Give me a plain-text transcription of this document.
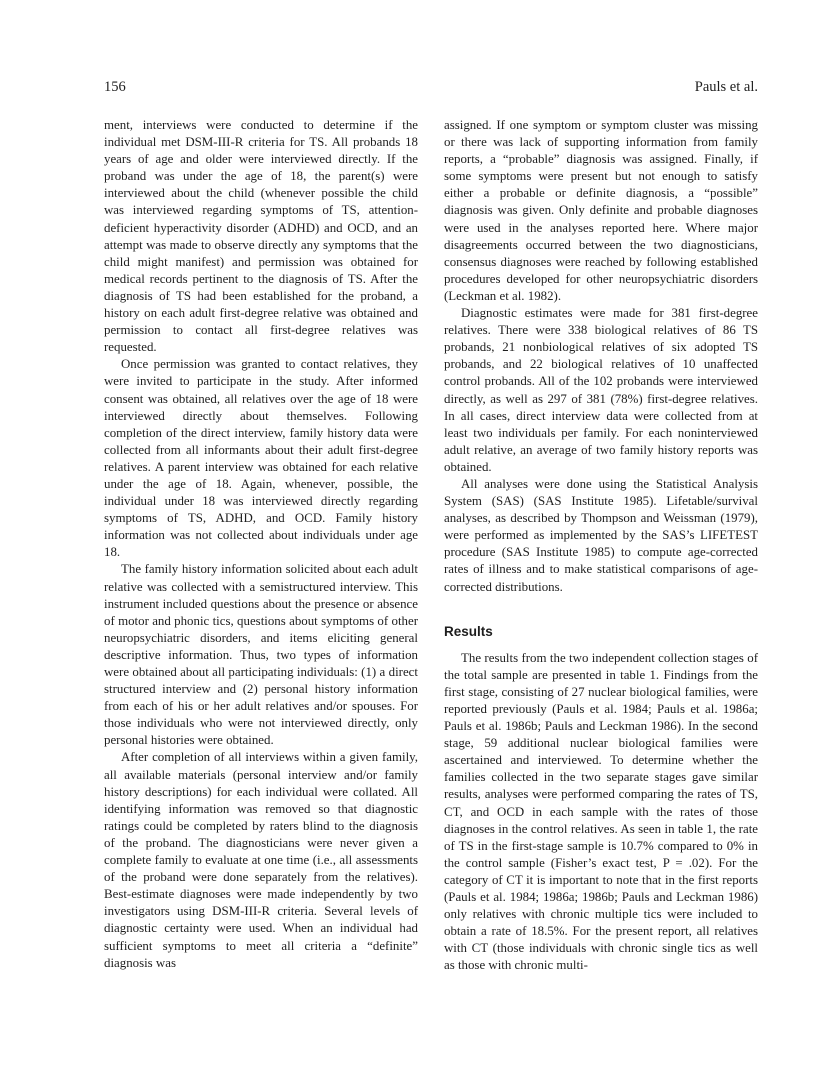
156	Pauls et al.

ment, interviews were conducted to determine if the individual met DSM-III-R criteria for TS. All probands 18 years of age and older were interviewed directly. If the proband was under the age of 18, the parent(s) were interviewed about the child (whenever possible the child was interviewed regarding symptoms of TS, attention-deficient hyperactivity disorder (ADHD) and OCD, and an attempt was made to observe directly any symptoms that the child might manifest) and permission was obtained for medical records pertinent to the diagnosis of TS. After the diagnosis of TS had been established for the proband, a history on each adult first-degree relative was obtained and permission to contact all first-degree relatives was requested.

Once permission was granted to contact relatives, they were invited to participate in the study. After informed consent was obtained, all relatives over the age of 18 were interviewed directly about themselves. Following completion of the direct interview, family history data were collected from all informants about their adult first-degree relatives. A parent interview was obtained for each relative under the age of 18. Again, whenever, possible, the individual under 18 was interviewed directly regarding symptoms of TS, ADHD, and OCD. Family history information was not collected about individuals under age 18.

The family history information solicited about each adult relative was collected with a semistructured interview. This instrument included questions about the presence or absence of motor and phonic tics, questions about symptoms of other neuropsychiatric disorders, and items eliciting general descriptive information. Thus, two types of information were obtained about all participating individuals: (1) a direct structured interview and (2) personal history information from each of his or her adult relatives and/or spouses. For those individuals who were not interviewed directly, only personal histories were obtained.

After completion of all interviews within a given family, all available materials (personal interview and/or family history descriptions) for each individual were collated. All identifying information was removed so that diagnostic ratings could be completed by raters blind to the diagnosis of the proband. The diagnosticians were never given a complete family to evaluate at one time (i.e., all assessments of the proband were done separately from the relatives). Best-estimate diagnoses were made independently by two investigators using DSM-III-R criteria. Several levels of diagnostic certainty were used. When an individual had sufficient symptoms to meet all criteria a “definite” diagnosis was

assigned. If one symptom or symptom cluster was missing or there was lack of supporting information from family reports, a “probable” diagnosis was assigned. Finally, if some symptoms were present but not enough to satisfy either a probable or definite diagnosis, a “possible” diagnosis was given. Only definite and probable diagnoses were used in the analyses reported here. Where major disagreements occurred between the two diagnosticians, consensus diagnoses were reached by following established procedures developed for other neuropsychiatric disorders (Leckman et al. 1982).

Diagnostic estimates were made for 381 first-degree relatives. There were 338 biological relatives of 86 TS probands, 21 nonbiological relatives of six adopted TS probands, and 22 biological relatives of 10 unaffected control probands. All of the 102 probands were interviewed directly, as well as 297 of 381 (78%) first-degree relatives. In all cases, direct interview data were collected from at least two individuals per family. For each noninterviewed adult relative, an average of two family history reports was obtained.

All analyses were done using the Statistical Analysis System (SAS) (SAS Institute 1985). Lifetable/survival analyses, as described by Thompson and Weissman (1979), were performed as implemented by the SAS’s LIFETEST procedure (SAS Institute 1985) to compute age-corrected rates of illness and to make statistical comparisons of age-corrected distributions.

Results

The results from the two independent collection stages of the total sample are presented in table 1. Findings from the first stage, consisting of 27 nuclear biological families, were reported previously (Pauls et al. 1984; Pauls et al. 1986a; Pauls et al. 1986b; Pauls and Leckman 1986). In the second stage, 59 additional nuclear biological families were ascertained and interviewed. To determine whether the families collected in the two separate stages gave similar results, analyses were performed comparing the rates of TS, CT, and OCD in each sample with the rates of those diagnoses in the control relatives. As seen in table 1, the rate of TS in the first-stage sample is 10.7% compared to 0% in the control sample (Fisher’s exact test, P = .02). For the category of CT it is important to note that in the first reports (Pauls et al. 1984; 1986a; 1986b; Pauls and Leckman 1986) only relatives with chronic multiple tics were included to obtain a rate of 18.5%. For the present report, all relatives with CT (those individuals with chronic single tics as well as those with chronic multi-
